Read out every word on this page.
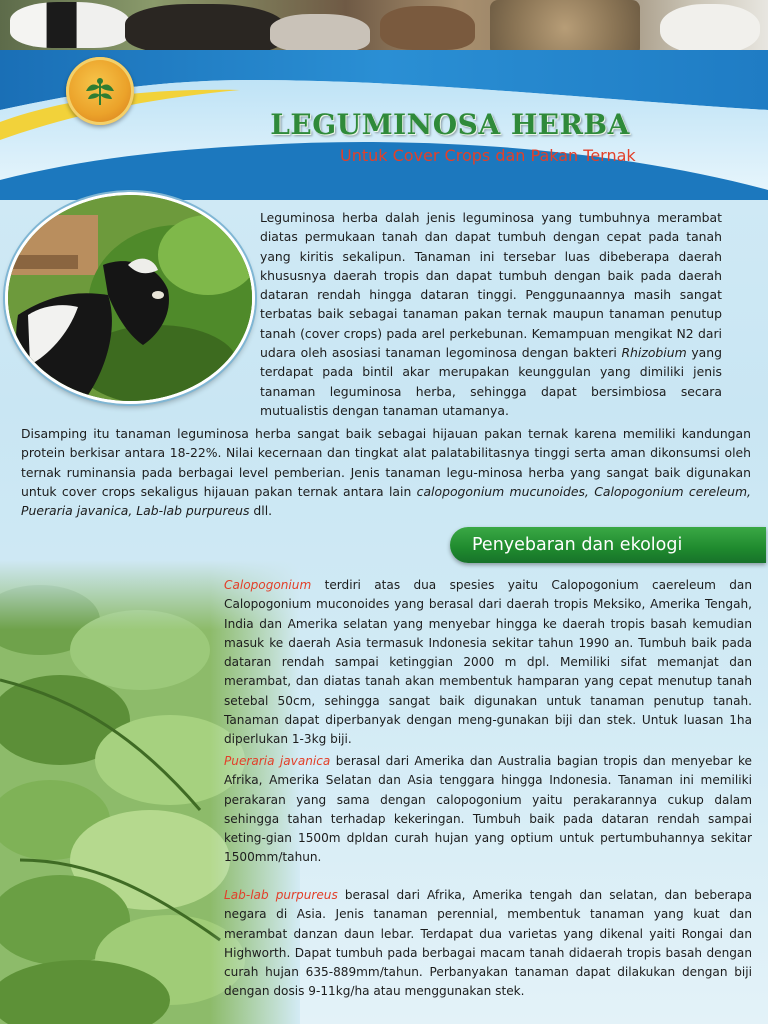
LEGUMINOSA HERBA

Untuk Cover Crops dan Pakan Ternak

Leguminosa herba dalah jenis leguminosa yang tumbuhnya merambat diatas permukaan tanah dan dapat tumbuh dengan cepat pada tanah yang kiritis sekalipun. Tanaman ini tersebar luas dibeberapa daerah khususnya daerah tropis dan dapat tumbuh dengan baik pada daerah dataran rendah hingga dataran tinggi. Penggunaannya masih sangat terbatas baik sebagai tanaman pakan ternak maupun tanaman penutup tanah (cover crops) pada arel perkebunan. Kemampuan mengikat N2 dari udara oleh asosiasi tanaman legominosa dengan bakteri Rhizobium yang terdapat pada bintil akar merupakan keunggulan yang dimiliki jenis tanaman leguminosa herba, sehingga dapat bersimbiosa secara mutualistis dengan tanaman utamanya.

Disamping itu tanaman leguminosa herba sangat baik sebagai hijauan pakan ternak karena memiliki kandungan protein berkisar antara 18-22%. Nilai kecernaan dan tingkat alat palatabilitasnya tinggi serta aman dikonsumsi oleh ternak ruminansia pada berbagai level pemberian. Jenis tanaman legu-minosa herba yang sangat baik digunakan untuk cover crops sekaligus hijauan pakan ternak antara lain calopogonium mucunoides, Calopogonium cereleum, Pueraria javanica, Lab-lab purpureus dll.

Penyebaran dan ekologi

Calopogonium terdiri atas dua spesies yaitu Calopogonium caereleum dan Calopogonium muconoides yang berasal dari daerah tropis Meksiko, Amerika Tengah, India dan Amerika selatan yang menyebar hingga ke daerah tropis basah kemudian masuk ke daerah Asia termasuk Indonesia sekitar tahun 1990 an. Tumbuh baik pada dataran rendah sampai ketinggian 2000 m dpl. Memiliki sifat memanjat dan merambat, dan diatas tanah akan membentuk hamparan yang cepat menutup tanah setebal 50cm, sehingga sangat baik digunakan untuk tanaman penutup tanah. Tanaman dapat diperbanyak dengan meng-gunakan biji dan stek. Untuk luasan 1ha diperlukan 1-3kg biji.

Pueraria javanica berasal dari Amerika dan Australia bagian tropis dan menyebar ke Afrika, Amerika Selatan dan Asia tenggara hingga Indonesia. Tanaman ini memiliki perakaran yang sama dengan calopogonium yaitu perakarannya cukup dalam sehingga tahan terhadap kekeringan. Tumbuh baik pada dataran rendah sampai keting-gian 1500m dpldan curah hujan yang optium untuk pertumbuhannya sekitar 1500mm/tahun.

Lab-lab purpureus berasal dari Afrika, Amerika tengah dan selatan, dan beberapa negara di Asia. Jenis tanaman perennial, membentuk tanaman yang kuat dan merambat danzan daun lebar. Terdapat dua varietas yang dikenal yaiti Rongai dan Highworth. Dapat tumbuh pada berbagai macam tanah didaerah tropis basah dengan curah hujan 635-889mm/tahun. Perbanyakan tanaman dapat dilakukan dengan biji dengan dosis 9-11kg/ha atau menggunakan stek.
